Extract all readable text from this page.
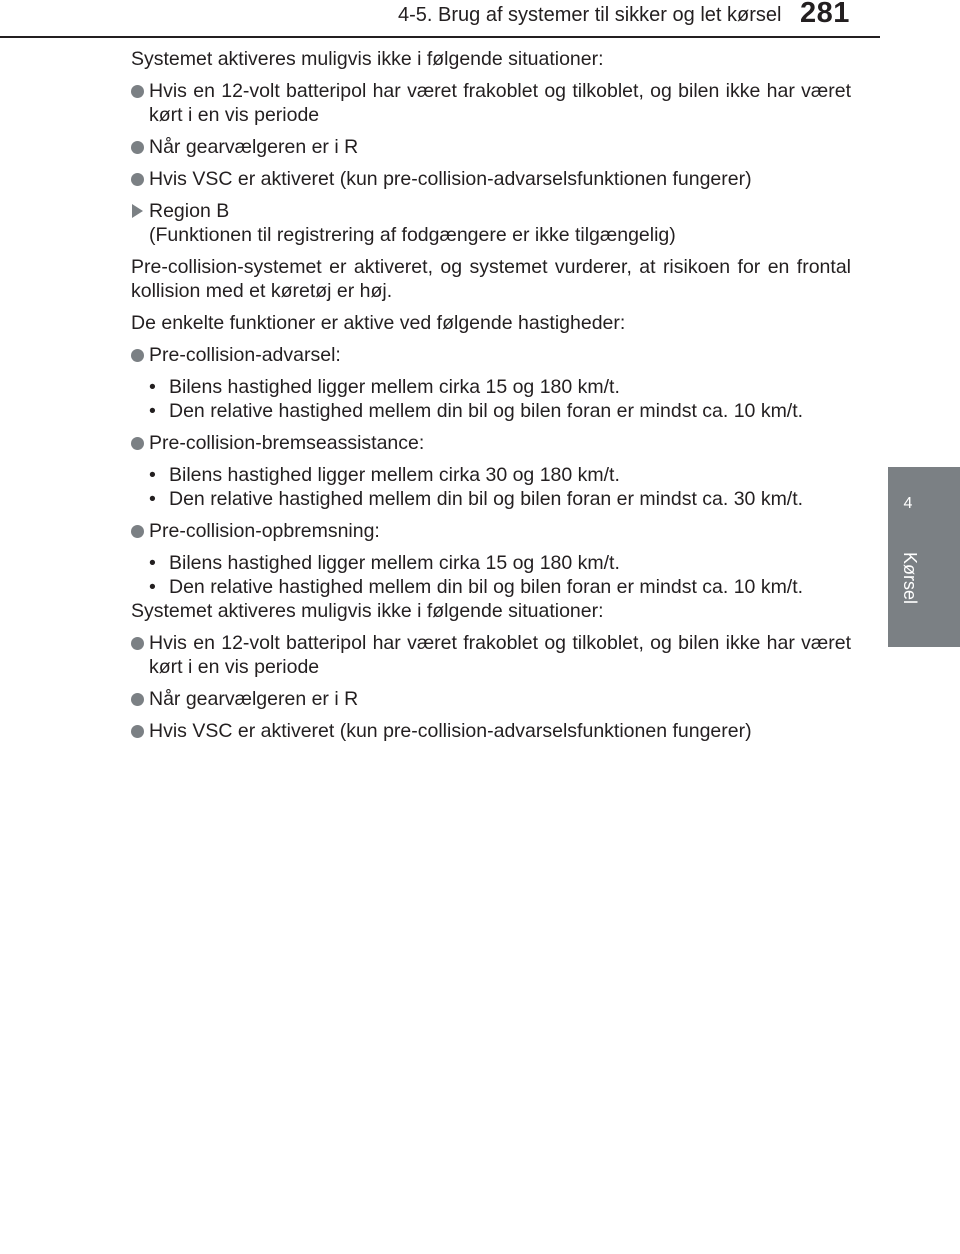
4-5. Brug af systemer til sikker og let kørsel 281
4
Kørsel

Systemet aktiveres muligvis ikke i følgende situationer:

Hvis en 12-volt batteripol har været frakoblet og tilkoblet, og bilen ikke har været kørt i en vis periode
Når gearvælgeren er i R
Hvis VSC er aktiveret (kun pre-collision-advarselsfunktionen fungerer)
Region B
(Funktionen til registrering af fodgængere er ikke tilgængelig)

Pre-collision-systemet er aktiveret, og systemet vurderer, at risikoen for en frontal kollision med et køretøj er høj.

De enkelte funktioner er aktive ved følgende hastigheder:

Pre-collision-advarsel:
• Bilens hastighed ligger mellem cirka 15 og 180 km/t.
• Den relative hastighed mellem din bil og bilen foran er mindst ca. 10 km/t.
Pre-collision-bremseassistance:
• Bilens hastighed ligger mellem cirka 30 og 180 km/t.
• Den relative hastighed mellem din bil og bilen foran er mindst ca. 30 km/t.
Pre-collision-opbremsning:
• Bilens hastighed ligger mellem cirka 15 og 180 km/t.
• Den relative hastighed mellem din bil og bilen foran er mindst ca. 10 km/t.

Systemet aktiveres muligvis ikke i følgende situationer:

Hvis en 12-volt batteripol har været frakoblet og tilkoblet, og bilen ikke har været kørt i en vis periode
Når gearvælgeren er i R
Hvis VSC er aktiveret (kun pre-collision-advarselsfunktionen fungerer)
